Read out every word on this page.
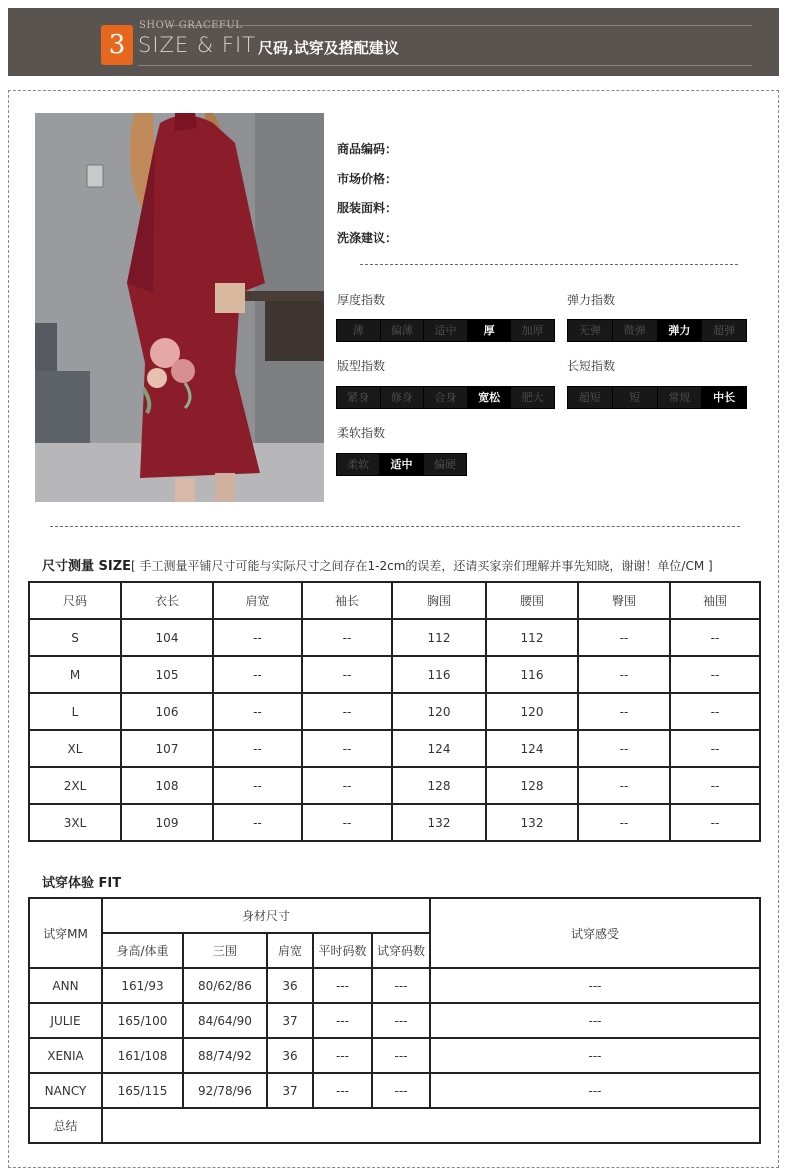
3
SHOW GRACEFUL
SIZE & FIT 尺码,试穿及搭配建议
商品编码：
市场价格：
服装面料：
洗涤建议：
厚度指数
薄	偏薄	适中	厚	加厚
弹力指数
无弹	微弹	弹力	超弹
版型指数
紧身	修身	合身	宽松	肥大
长短指数
超短	短	常规	中长
柔软指数
柔软	适中	偏硬
尺寸测量 SIZE[ 手工测量平铺尺寸可能与实际尺寸之间存在1-2cm的误差，还请买家亲们理解并事先知晓，谢谢！单位/CM ]
尺码	衣长	肩宽	袖长	胸围	腰围	臀围	袖围
S	104	--	--	112	112	--	--
M	105	--	--	116	116	--	--
L	106	--	--	120	120	--	--
XL	107	--	--	124	124	--	--
2XL	108	--	--	128	128	--	--
3XL	109	--	--	132	132	--	--
试穿体验 FIT
试穿MM	身材尺寸					试穿感受
	身高/体重	三围	肩宽	平时码数	试穿码数	
ANN	161/93	80/62/86	36	---	---	---
JULIE	165/100	84/64/90	37	---	---	---
XENIA	161/108	88/74/92	36	---	---	---
NANCY	165/115	92/78/96	37	---	---	---
总结						
